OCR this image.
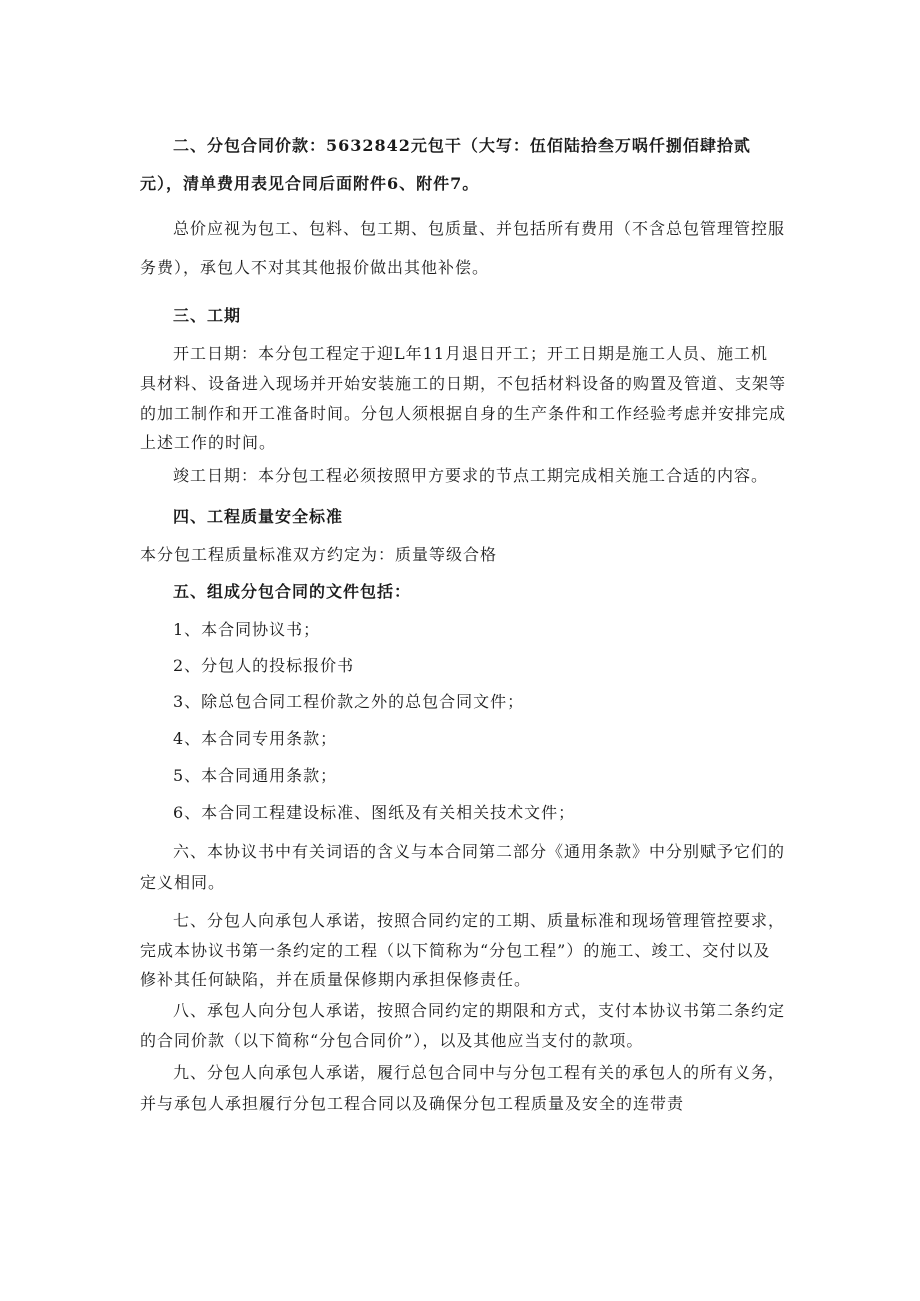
二、分包合同价款：5632842元包干（大写：伍佰陆拾叁万㖞仟捌佰肆拾贰
元），清单费用表见合同后面附件6、附件7。
总价应视为包工、包料、包工期、包质量、并包括所有费用（不含总包管理管控服
务费），承包人不对其其他报价做出其他补偿。
三、工期
开工日期：本分包工程定于迎L年11月退日开工；开工日期是施工人员、施工机
具材料、设备进入现场并开始安装施工的日期，不包括材料设备的购置及管道、支架等
的加工制作和开工准备时间。分包人须根据自身的生产条件和工作经验考虑并安排完成
上述工作的时间。
竣工日期：本分包工程必须按照甲方要求的节点工期完成相关施工合适的内容。
四、工程质量安全标准
本分包工程质量标准双方约定为：质量等级合格
五、组成分包合同的文件包括：
1、本合同协议书；
2、分包人的投标报价书
3、除总包合同工程价款之外的总包合同文件；
4、本合同专用条款；
5、本合同通用条款；
6、本合同工程建设标准、图纸及有关相关技术文件；
六、本协议书中有关词语的含义与本合同第二部分《通用条款》中分别赋予它们的
定义相同。
七、分包人向承包人承诺，按照合同约定的工期、质量标准和现场管理管控要求，
完成本协议书第一条约定的工程（以下简称为“分包工程”）的施工、竣工、交付以及
修补其任何缺陷，并在质量保修期内承担保修责任。
八、承包人向分包人承诺，按照合同约定的期限和方式，支付本协议书第二条约定
的合同价款（以下简称“分包合同价”），以及其他应当支付的款项。
九、分包人向承包人承诺，履行总包合同中与分包工程有关的承包人的所有义务，
并与承包人承担履行分包工程合同以及确保分包工程质量及安全的连带责
